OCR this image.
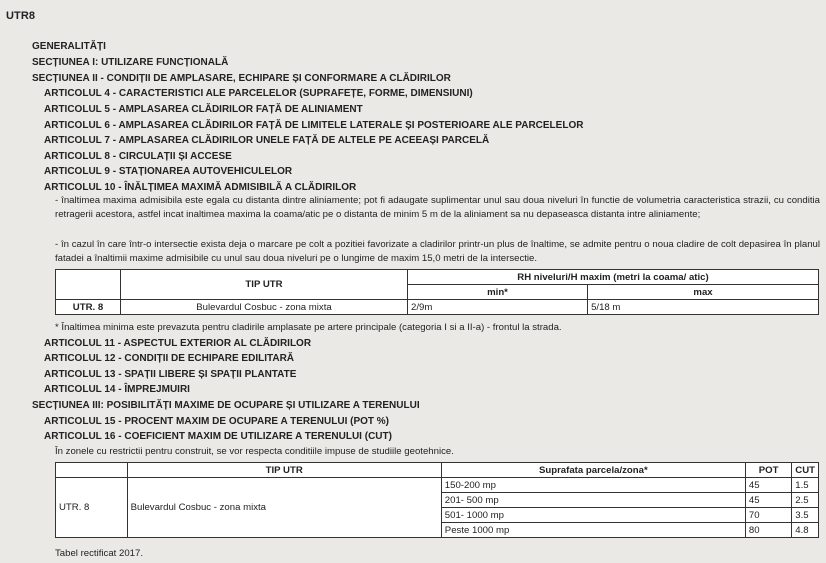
UTR8
GENERALITĂȚI
SECȚIUNEA I: UTILIZARE FUNCȚIONALĂ
SECȚIUNEA II - CONDIȚII DE AMPLASARE, ECHIPARE ȘI CONFORMARE A CLĂDIRILOR
ARTICOLUL 4 - CARACTERISTICI ALE PARCELELOR (SUPRAFEȚE, FORME, DIMENSIUNI)
ARTICOLUL 5 - AMPLASAREA CLĂDIRILOR FAȚĂ DE ALINIAMENT
ARTICOLUL 6 - AMPLASAREA CLĂDIRILOR FAȚĂ DE LIMITELE LATERALE ȘI POSTERIOARE ALE PARCELELOR
ARTICOLUL 7 - AMPLASAREA CLĂDIRILOR UNELE FAȚĂ DE ALTELE PE ACEEAȘI PARCELĂ
ARTICOLUL 8 - CIRCULAȚII ȘI ACCESE
ARTICOLUL 9 - STAȚIONAREA AUTOVEHICULELOR
ARTICOLUL 10 - ÎNĂLȚIMEA MAXIMĂ ADMISIBILĂ A CLĂDIRILOR
- înaltimea maxima admisibila este egala cu distanta dintre aliniamente; pot fi adaugate suplimentar unul sau doua niveluri în functie de volumetria caracteristica strazii, cu conditia retragerii acestora, astfel incat inaltimea maxima la coama/atic pe o distanta de minim 5 m de la aliniament sa nu depaseasca distanta intre aliniamente;
- în cazul în care într-o intersectie exista deja o marcare pe colt a pozitiei favorizate a cladirilor printr-un plus de înaltime, se admite pentru o noua cladire de colt depasirea în planul fatadei a înaltimii maxime admisibile cu unul sau doua niveluri pe o lungime de maxim 15,0 metri de la intersectie.
	TIP UTR	RH niveluri/H maxim (metri la coama/ atic)	
		min*	max
UTR. 8	Bulevardul Cosbuc - zona mixta	2/9m	5/18 m
* Înaltimea minima este prevazuta pentru cladirile amplasate pe artere principale (categoria I si a II-a) - frontul la strada.
ARTICOLUL 11 - ASPECTUL EXTERIOR AL CLĂDIRILOR
ARTICOLUL 12 - CONDIȚII DE ECHIPARE EDILITARĂ
ARTICOLUL 13 - SPAȚII LIBERE ȘI SPAȚII PLANTATE
ARTICOLUL 14 - ÎMPREJMUIRI
SECȚIUNEA III: POSIBILITĂȚI MAXIME DE OCUPARE ȘI UTILIZARE A TERENULUI
ARTICOLUL 15 - PROCENT MAXIM DE OCUPARE A TERENULUI (POT %)
ARTICOLUL 16 - COEFICIENT MAXIM DE UTILIZARE A TERENULUI (CUT)
În zonele cu restrictii pentru construit, se vor respecta conditiile impuse de studiile geotehnice.
	TIP UTR	Suprafata parcela/zona*	POT	CUT
UTR. 8	Bulevardul Cosbuc - zona mixta	150-200 mp	45	1.5
		201- 500 mp	45	2.5
		501- 1000 mp	70	3.5
		Peste 1000 mp	80	4.8
Tabel rectificat 2017.
